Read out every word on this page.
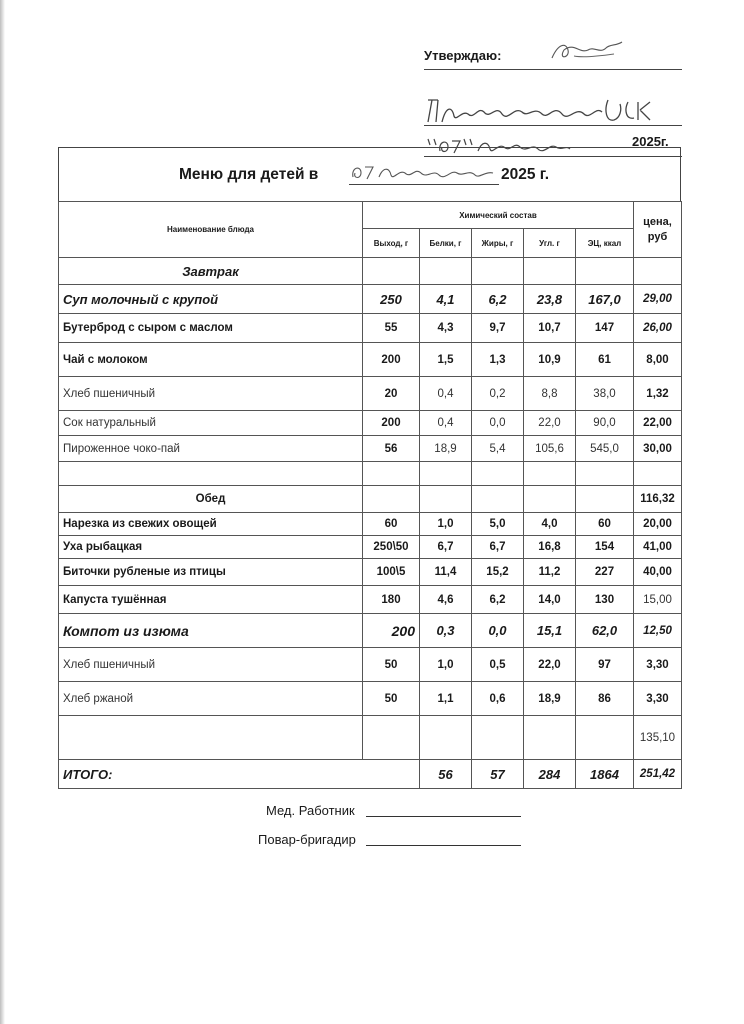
Утверждаю:
2025г.
Меню для детей в	2025 г.
Наименование блюда	Химический состав					цена, руб
	Выход, г	Белки, г	Жиры, г	Угл. г	ЭЦ, ккал	
Завтрак						
Суп молочный с крупой	250	4,1	6,2	23,8	167,0	29,00
Бутерброд с сыром с маслом	55	4,3	9,7	10,7	147	26,00
Чай с молоком	200	1,5	1,3	10,9	61	8,00
Хлеб пшеничный	20	0,4	0,2	8,8	38,0	1,32
Сок натуральный	200	0,4	0,0	22,0	90,0	22,00
Пироженное чоко-пай	56	18,9	5,4	105,6	545,0	30,00

Обед						116,32
Нарезка из свежих овощей	60	1,0	5,0	4,0	60	20,00
Уха рыбацкая	250\50	6,7	6,7	16,8	154	41,00
Биточки рубленые из птицы	100\5	11,4	15,2	11,2	227	40,00
Капуста тушённая	180	4,6	6,2	14,0	130	15,00
Компот из изюма	200	0,3	0,0	15,1	62,0	12,50
Хлеб пшеничный	50	1,0	0,5	22,0	97	3,30
Хлеб ржаной	50	1,1	0,6	18,9	86	3,30
						135,10
ИТОГО:		56	57	284	1864	251,42
Мед. Работник
Повар-бригадир
